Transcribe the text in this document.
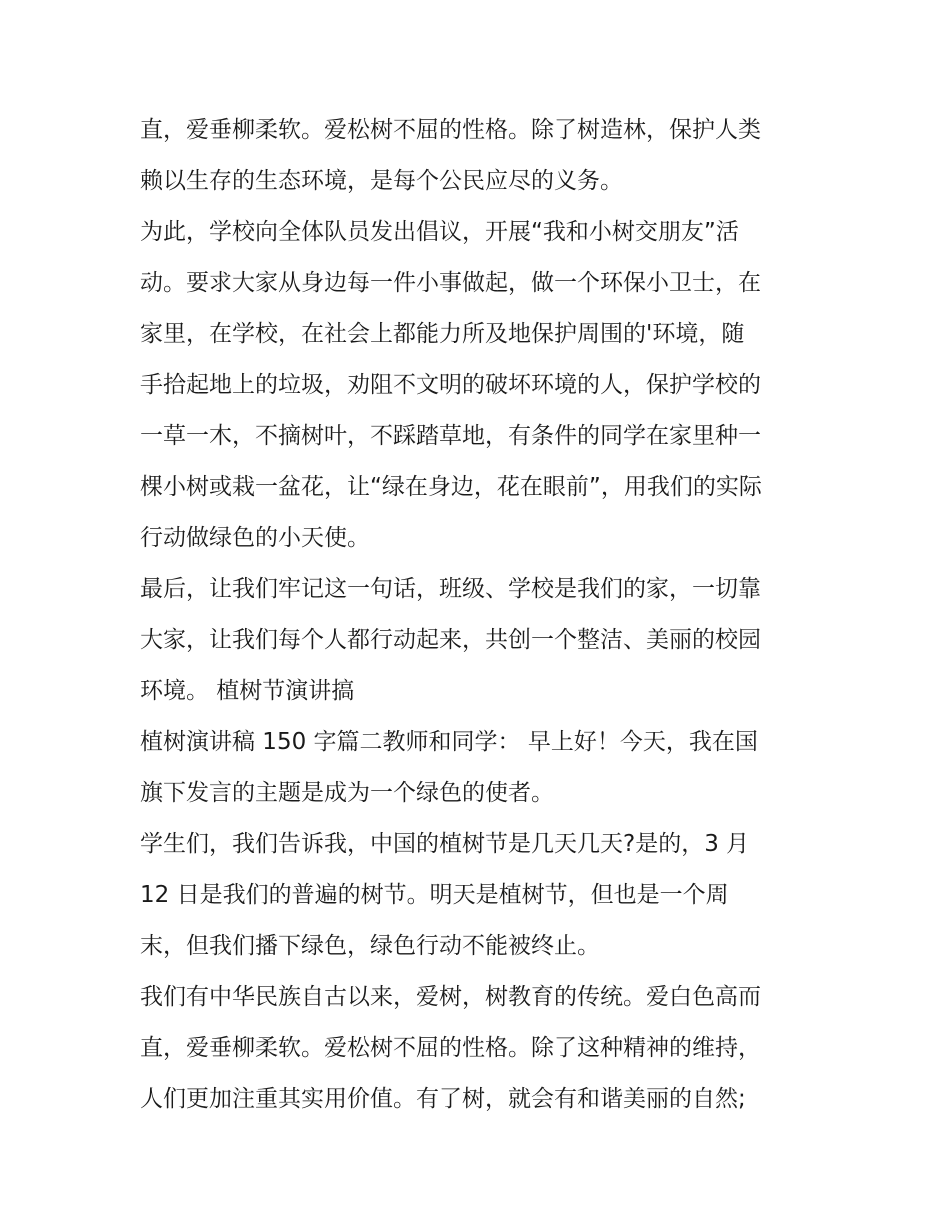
直，爱垂柳柔软。爱松树不屈的性格。除了树造林，保护人类
赖以生存的生态环境，是每个公民应尽的义务。
为此，学校向全体队员发出倡议，开展“我和小树交朋友”活
动。要求大家从身边每一件小事做起，做一个环保小卫士，在
家里，在学校，在社会上都能力所及地保护周围的'环境，随
手拾起地上的垃圾，劝阻不文明的破坏环境的人，保护学校的
一草一木，不摘树叶，不踩踏草地，有条件的同学在家里种一
棵小树或栽一盆花，让“绿在身边，花在眼前”，用我们的实际
行动做绿色的小天使。
最后，让我们牢记这一句话，班级、学校是我们的家，一切靠
大家，让我们每个人都行动起来，共创一个整洁、美丽的校园
环境。 植树节演讲搞
植树演讲稿 150 字篇二教师和同学： 早上好！今天，我在国
旗下发言的主题是成为一个绿色的使者。
学生们，我们告诉我，中国的植树节是几天几天?是的，3 月
12 日是我们的普遍的树节。明天是植树节，但也是一个周
末，但我们播下绿色，绿色行动不能被终止。
我们有中华民族自古以来，爱树，树教育的传统。爱白色高而
直，爱垂柳柔软。爱松树不屈的性格。除了这种精神的维持，
人们更加注重其实用价值。有了树，就会有和谐美丽的自然;
